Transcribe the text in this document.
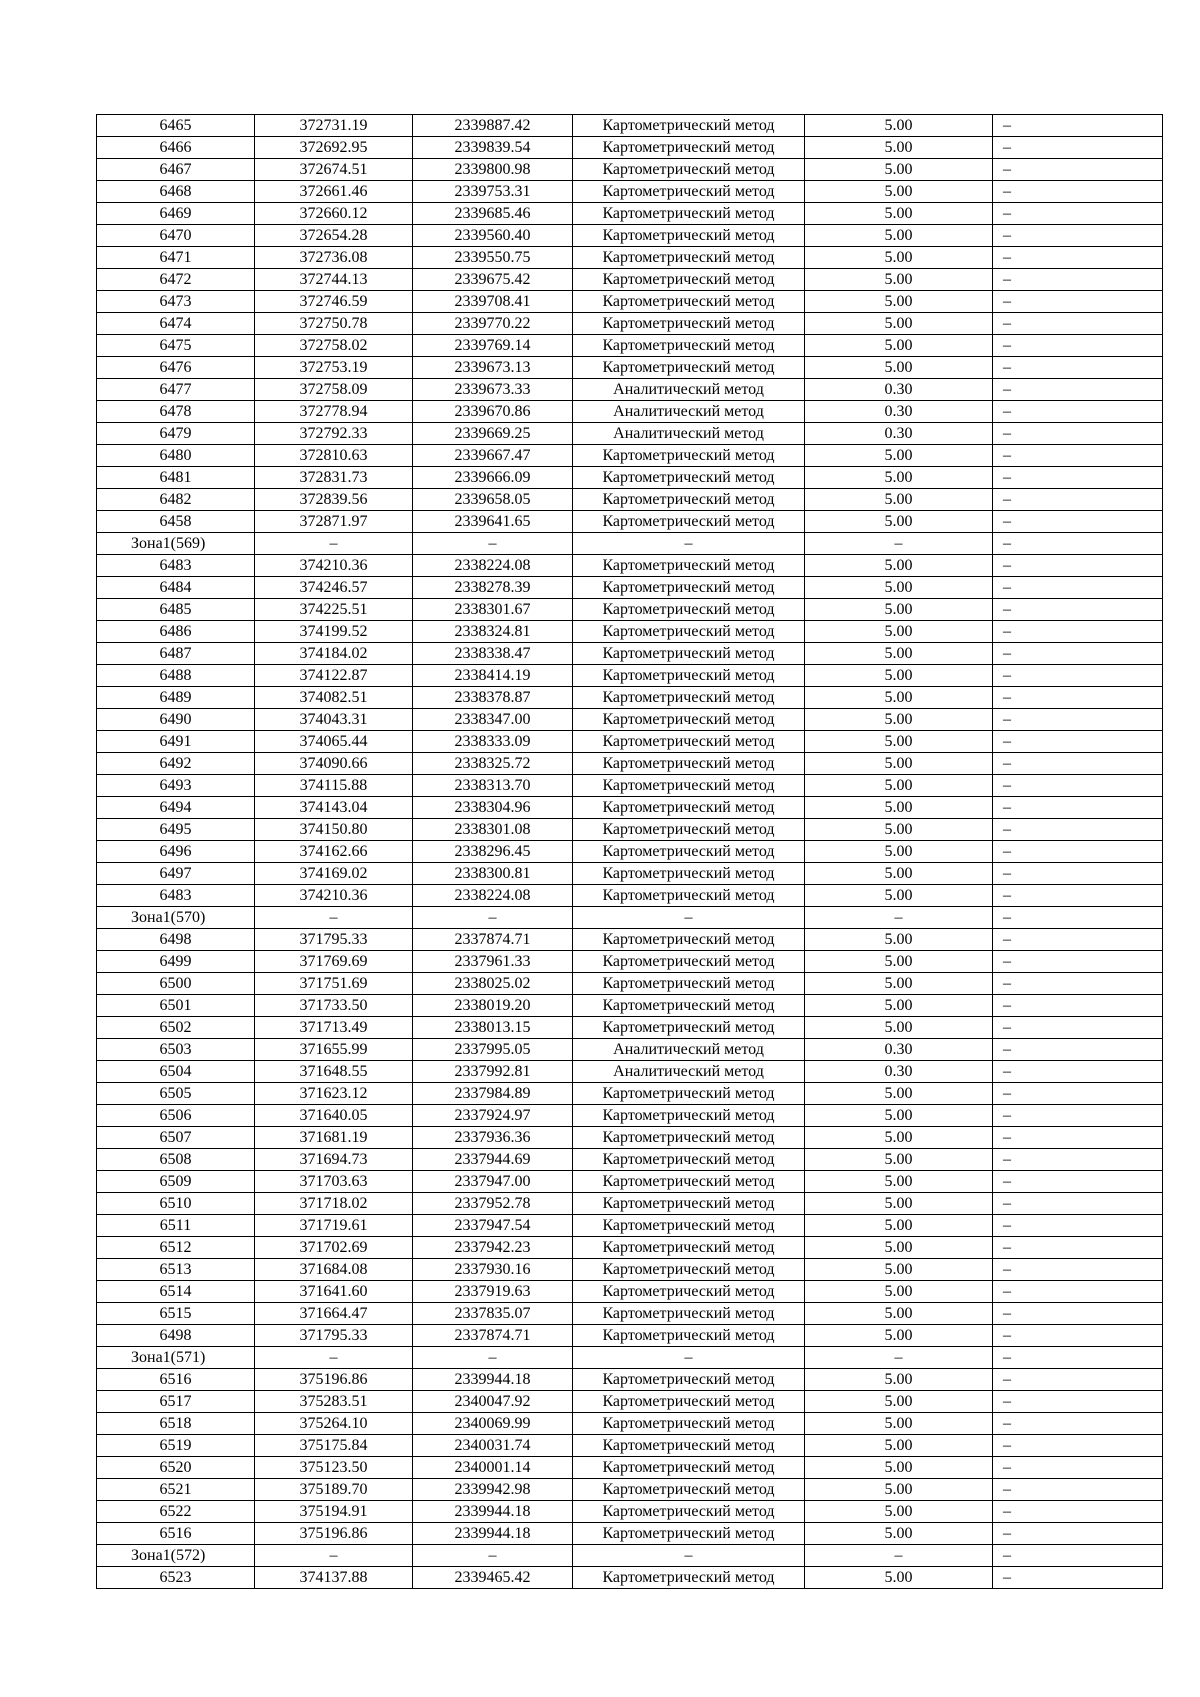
6465	372731.19	2339887.42	Картометрический метод	5.00	–
6466	372692.95	2339839.54	Картометрический метод	5.00	–
6467	372674.51	2339800.98	Картометрический метод	5.00	–
6468	372661.46	2339753.31	Картометрический метод	5.00	–
6469	372660.12	2339685.46	Картометрический метод	5.00	–
6470	372654.28	2339560.40	Картометрический метод	5.00	–
6471	372736.08	2339550.75	Картометрический метод	5.00	–
6472	372744.13	2339675.42	Картометрический метод	5.00	–
6473	372746.59	2339708.41	Картометрический метод	5.00	–
6474	372750.78	2339770.22	Картометрический метод	5.00	–
6475	372758.02	2339769.14	Картометрический метод	5.00	–
6476	372753.19	2339673.13	Картометрический метод	5.00	–
6477	372758.09	2339673.33	Аналитический метод	0.30	–
6478	372778.94	2339670.86	Аналитический метод	0.30	–
6479	372792.33	2339669.25	Аналитический метод	0.30	–
6480	372810.63	2339667.47	Картометрический метод	5.00	–
6481	372831.73	2339666.09	Картометрический метод	5.00	–
6482	372839.56	2339658.05	Картометрический метод	5.00	–
6458	372871.97	2339641.65	Картометрический метод	5.00	–
Зона1(569)	–	–	–	–	–
6483	374210.36	2338224.08	Картометрический метод	5.00	–
6484	374246.57	2338278.39	Картометрический метод	5.00	–
6485	374225.51	2338301.67	Картометрический метод	5.00	–
6486	374199.52	2338324.81	Картометрический метод	5.00	–
6487	374184.02	2338338.47	Картометрический метод	5.00	–
6488	374122.87	2338414.19	Картометрический метод	5.00	–
6489	374082.51	2338378.87	Картометрический метод	5.00	–
6490	374043.31	2338347.00	Картометрический метод	5.00	–
6491	374065.44	2338333.09	Картометрический метод	5.00	–
6492	374090.66	2338325.72	Картометрический метод	5.00	–
6493	374115.88	2338313.70	Картометрический метод	5.00	–
6494	374143.04	2338304.96	Картометрический метод	5.00	–
6495	374150.80	2338301.08	Картометрический метод	5.00	–
6496	374162.66	2338296.45	Картометрический метод	5.00	–
6497	374169.02	2338300.81	Картометрический метод	5.00	–
6483	374210.36	2338224.08	Картометрический метод	5.00	–
Зона1(570)	–	–	–	–	–
6498	371795.33	2337874.71	Картометрический метод	5.00	–
6499	371769.69	2337961.33	Картометрический метод	5.00	–
6500	371751.69	2338025.02	Картометрический метод	5.00	–
6501	371733.50	2338019.20	Картометрический метод	5.00	–
6502	371713.49	2338013.15	Картометрический метод	5.00	–
6503	371655.99	2337995.05	Аналитический метод	0.30	–
6504	371648.55	2337992.81	Аналитический метод	0.30	–
6505	371623.12	2337984.89	Картометрический метод	5.00	–
6506	371640.05	2337924.97	Картометрический метод	5.00	–
6507	371681.19	2337936.36	Картометрический метод	5.00	–
6508	371694.73	2337944.69	Картометрический метод	5.00	–
6509	371703.63	2337947.00	Картометрический метод	5.00	–
6510	371718.02	2337952.78	Картометрический метод	5.00	–
6511	371719.61	2337947.54	Картометрический метод	5.00	–
6512	371702.69	2337942.23	Картометрический метод	5.00	–
6513	371684.08	2337930.16	Картометрический метод	5.00	–
6514	371641.60	2337919.63	Картометрический метод	5.00	–
6515	371664.47	2337835.07	Картометрический метод	5.00	–
6498	371795.33	2337874.71	Картометрический метод	5.00	–
Зона1(571)	–	–	–	–	–
6516	375196.86	2339944.18	Картометрический метод	5.00	–
6517	375283.51	2340047.92	Картометрический метод	5.00	–
6518	375264.10	2340069.99	Картометрический метод	5.00	–
6519	375175.84	2340031.74	Картометрический метод	5.00	–
6520	375123.50	2340001.14	Картометрический метод	5.00	–
6521	375189.70	2339942.98	Картометрический метод	5.00	–
6522	375194.91	2339944.18	Картометрический метод	5.00	–
6516	375196.86	2339944.18	Картометрический метод	5.00	–
Зона1(572)	–	–	–	–	–
6523	374137.88	2339465.42	Картометрический метод	5.00	–
